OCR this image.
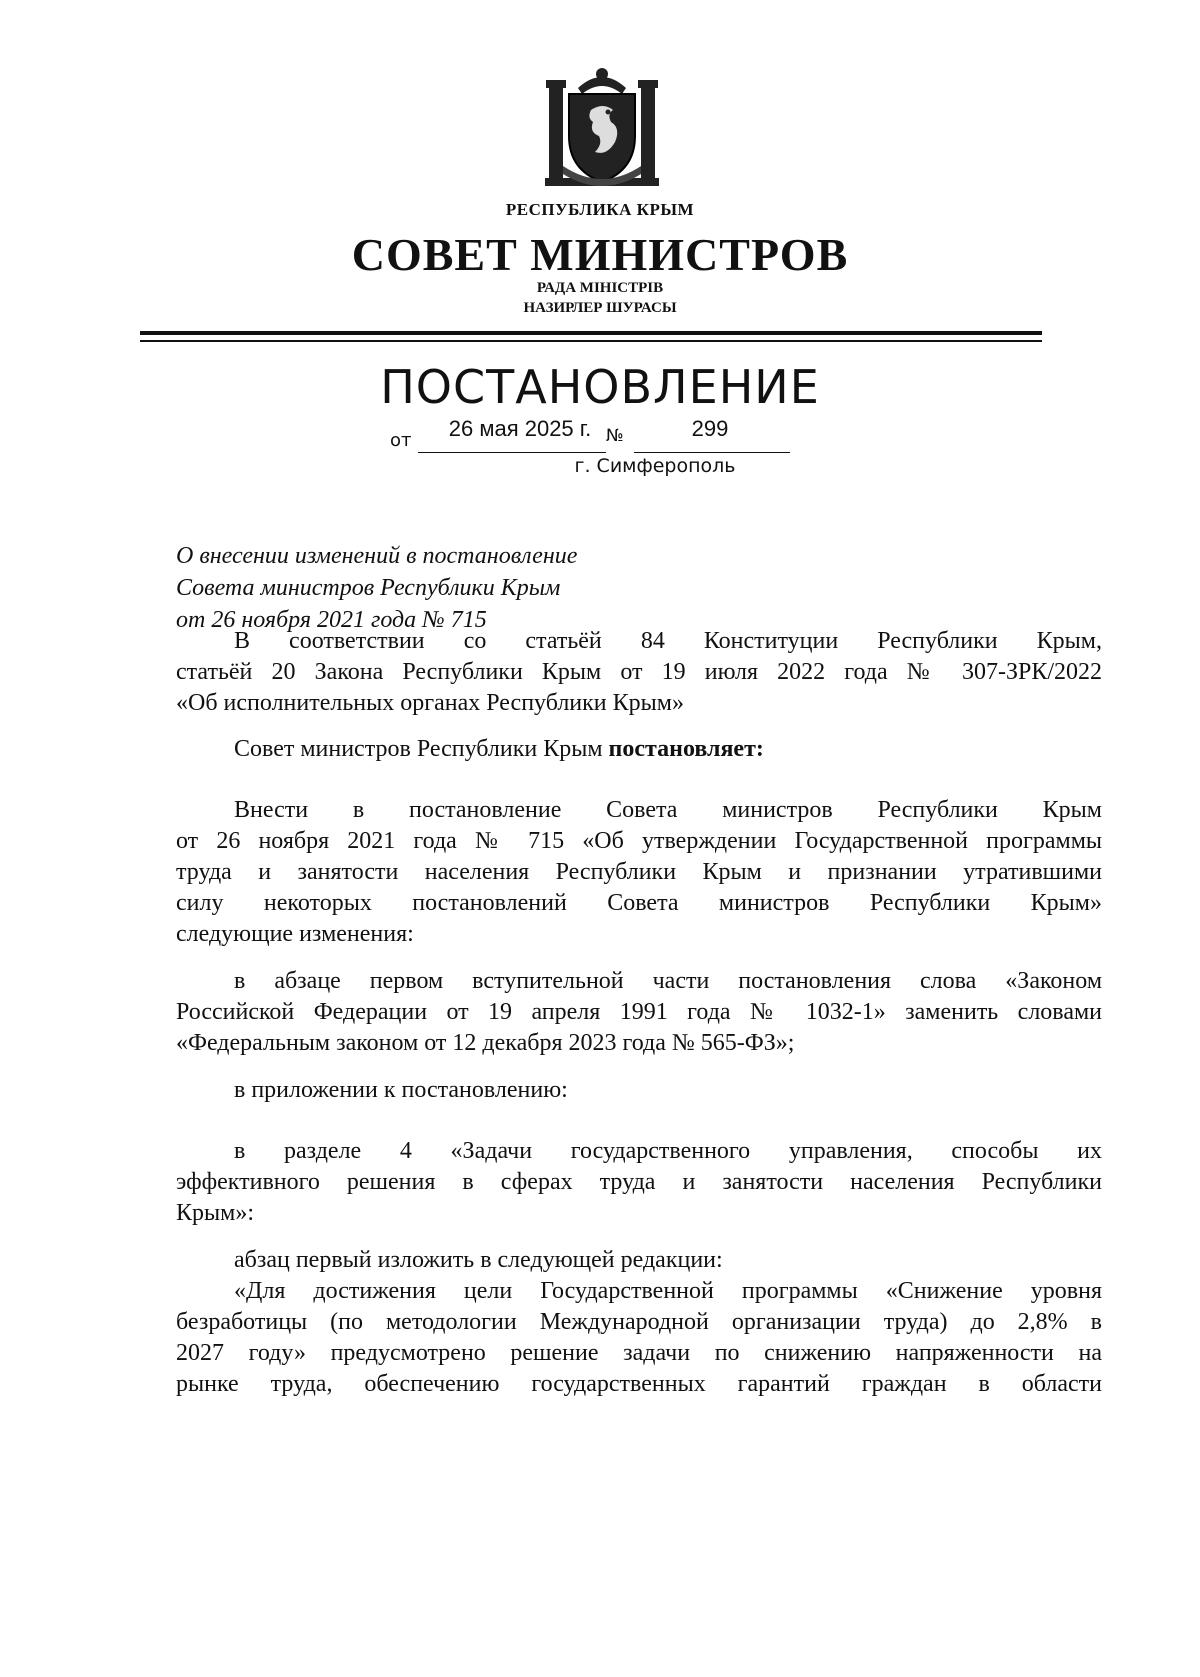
РЕСПУБЛИКА КРЫМ
СОВЕТ МИНИСТРОВ
РАДА МІНІСТРІВ
НАЗИРЛЕР ШУРАСЫ
ПОСТАНОВЛЕНИЕ
от	26 мая 2025 г. №	299
г. Симферополь
О внесении изменений в постановление
Совета министров Республики Крым
от 26 ноября 2021 года № 715
В соответствии со статьёй 84 Конституции Республики Крым,
статьёй 20 Закона Республики Крым от 19 июля 2022 года № 307-ЗРК/2022
«Об исполнительных органах Республики Крым»
Совет министров Республики Крым постановляет:
Внести в постановление Совета министров Республики Крым
от 26 ноября 2021 года № 715 «Об утверждении Государственной программы
труда и занятости населения Республики Крым и признании утратившими
силу некоторых постановлений Совета министров Республики Крым»
следующие изменения:
в абзаце первом вступительной части постановления слова «Законом
Российской Федерации от 19 апреля 1991 года № 1032-1» заменить словами
«Федеральным законом от 12 декабря 2023 года № 565-ФЗ»;
в приложении к постановлению:
в разделе 4 «Задачи государственного управления, способы их
эффективного решения в сферах труда и занятости населения Республики
Крым»:
абзац первый изложить в следующей редакции:
«Для достижения цели Государственной программы «Снижение уровня
безработицы (по методологии Международной организации труда) до 2,8% в
2027 году» предусмотрено решение задачи по снижению напряженности на
рынке труда, обеспечению государственных гарантий граждан в области
